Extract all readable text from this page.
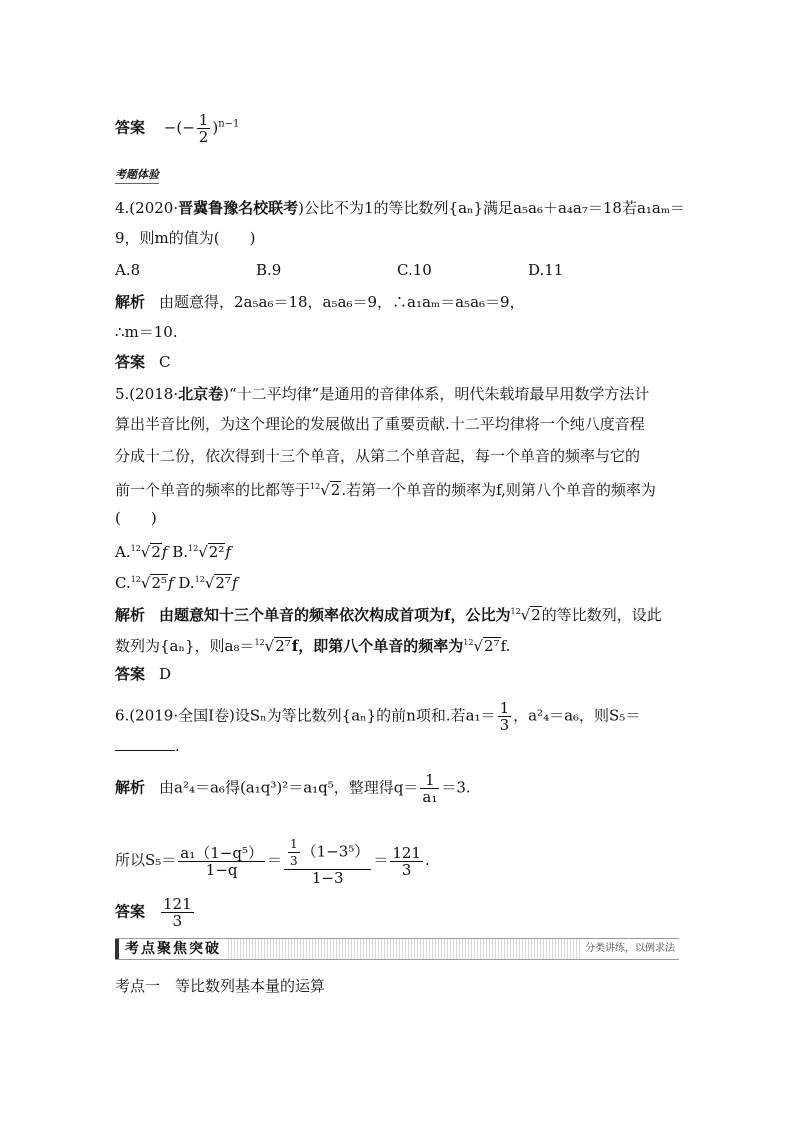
答案 −(− $\frac{1}{2} )^{n-1}$
考题体验
4.(2020·晋冀鲁豫名校联考)公比不为1的等比数列{aₙ}满足a₅a₆＋a₄a₇＝18若a₁aₘ＝
9，则m的值为(　　)
A.8	B.9	C.10	D.11
解析 由题意得，2a₅a₆＝18，a₅a₆＝9，∴a₁aₘ＝a₅a₆＝9，
∴m＝10.
答案 C
5.(2018·北京卷)“十二平均律”是通用的音律体系，明代朱载堉最早用数学方法计
算出半音比例，为这个理论的发展做出了重要贡献.十二平均律将一个纯八度音程
分成十二份，依次得到十三个单音，从第二个单音起，每一个单音的频率与它的
前一个单音的频率的比都等于$^{12}$√2.若第一个单音的频率为f,则第八个单音的频率为
(　　)
A.$^{12}$√2f B.$^{12}$√2²f
C.$^{12}$√2⁵f D.$^{12}$√2⁷f
解析 由题意知十三个单音的频率依次构成首项为f，公比为$^{12}$√2的等比数列，设此
数列为{aₙ}，则a₈＝$^{12}$√2⁷f，即第八个单音的频率为$^{12}$√2⁷f.
答案 D
6.(2019·全国Ⅰ卷)设Sₙ为等比数列{aₙ}的前n项和.若$a_1= \frac{1}{3}$ ，a²₄＝a₆，则S₅＝
.
解析 由a²₄＝a₆得(a₁q³)²＝a₁q⁵，整理得$q= \frac{1}{\text{a₁}} =3$.
所以$S_5= \frac{\text{a₁（1−q⁵）}}{1-q} = \frac{\frac{1}{3} (1-3^5)}{1-3} = \frac{121}{3}$ .
答案 $\frac{121}{3}$
考点聚焦突破	分类讲练，以例求法
考点一　等比数列基本量的运算
